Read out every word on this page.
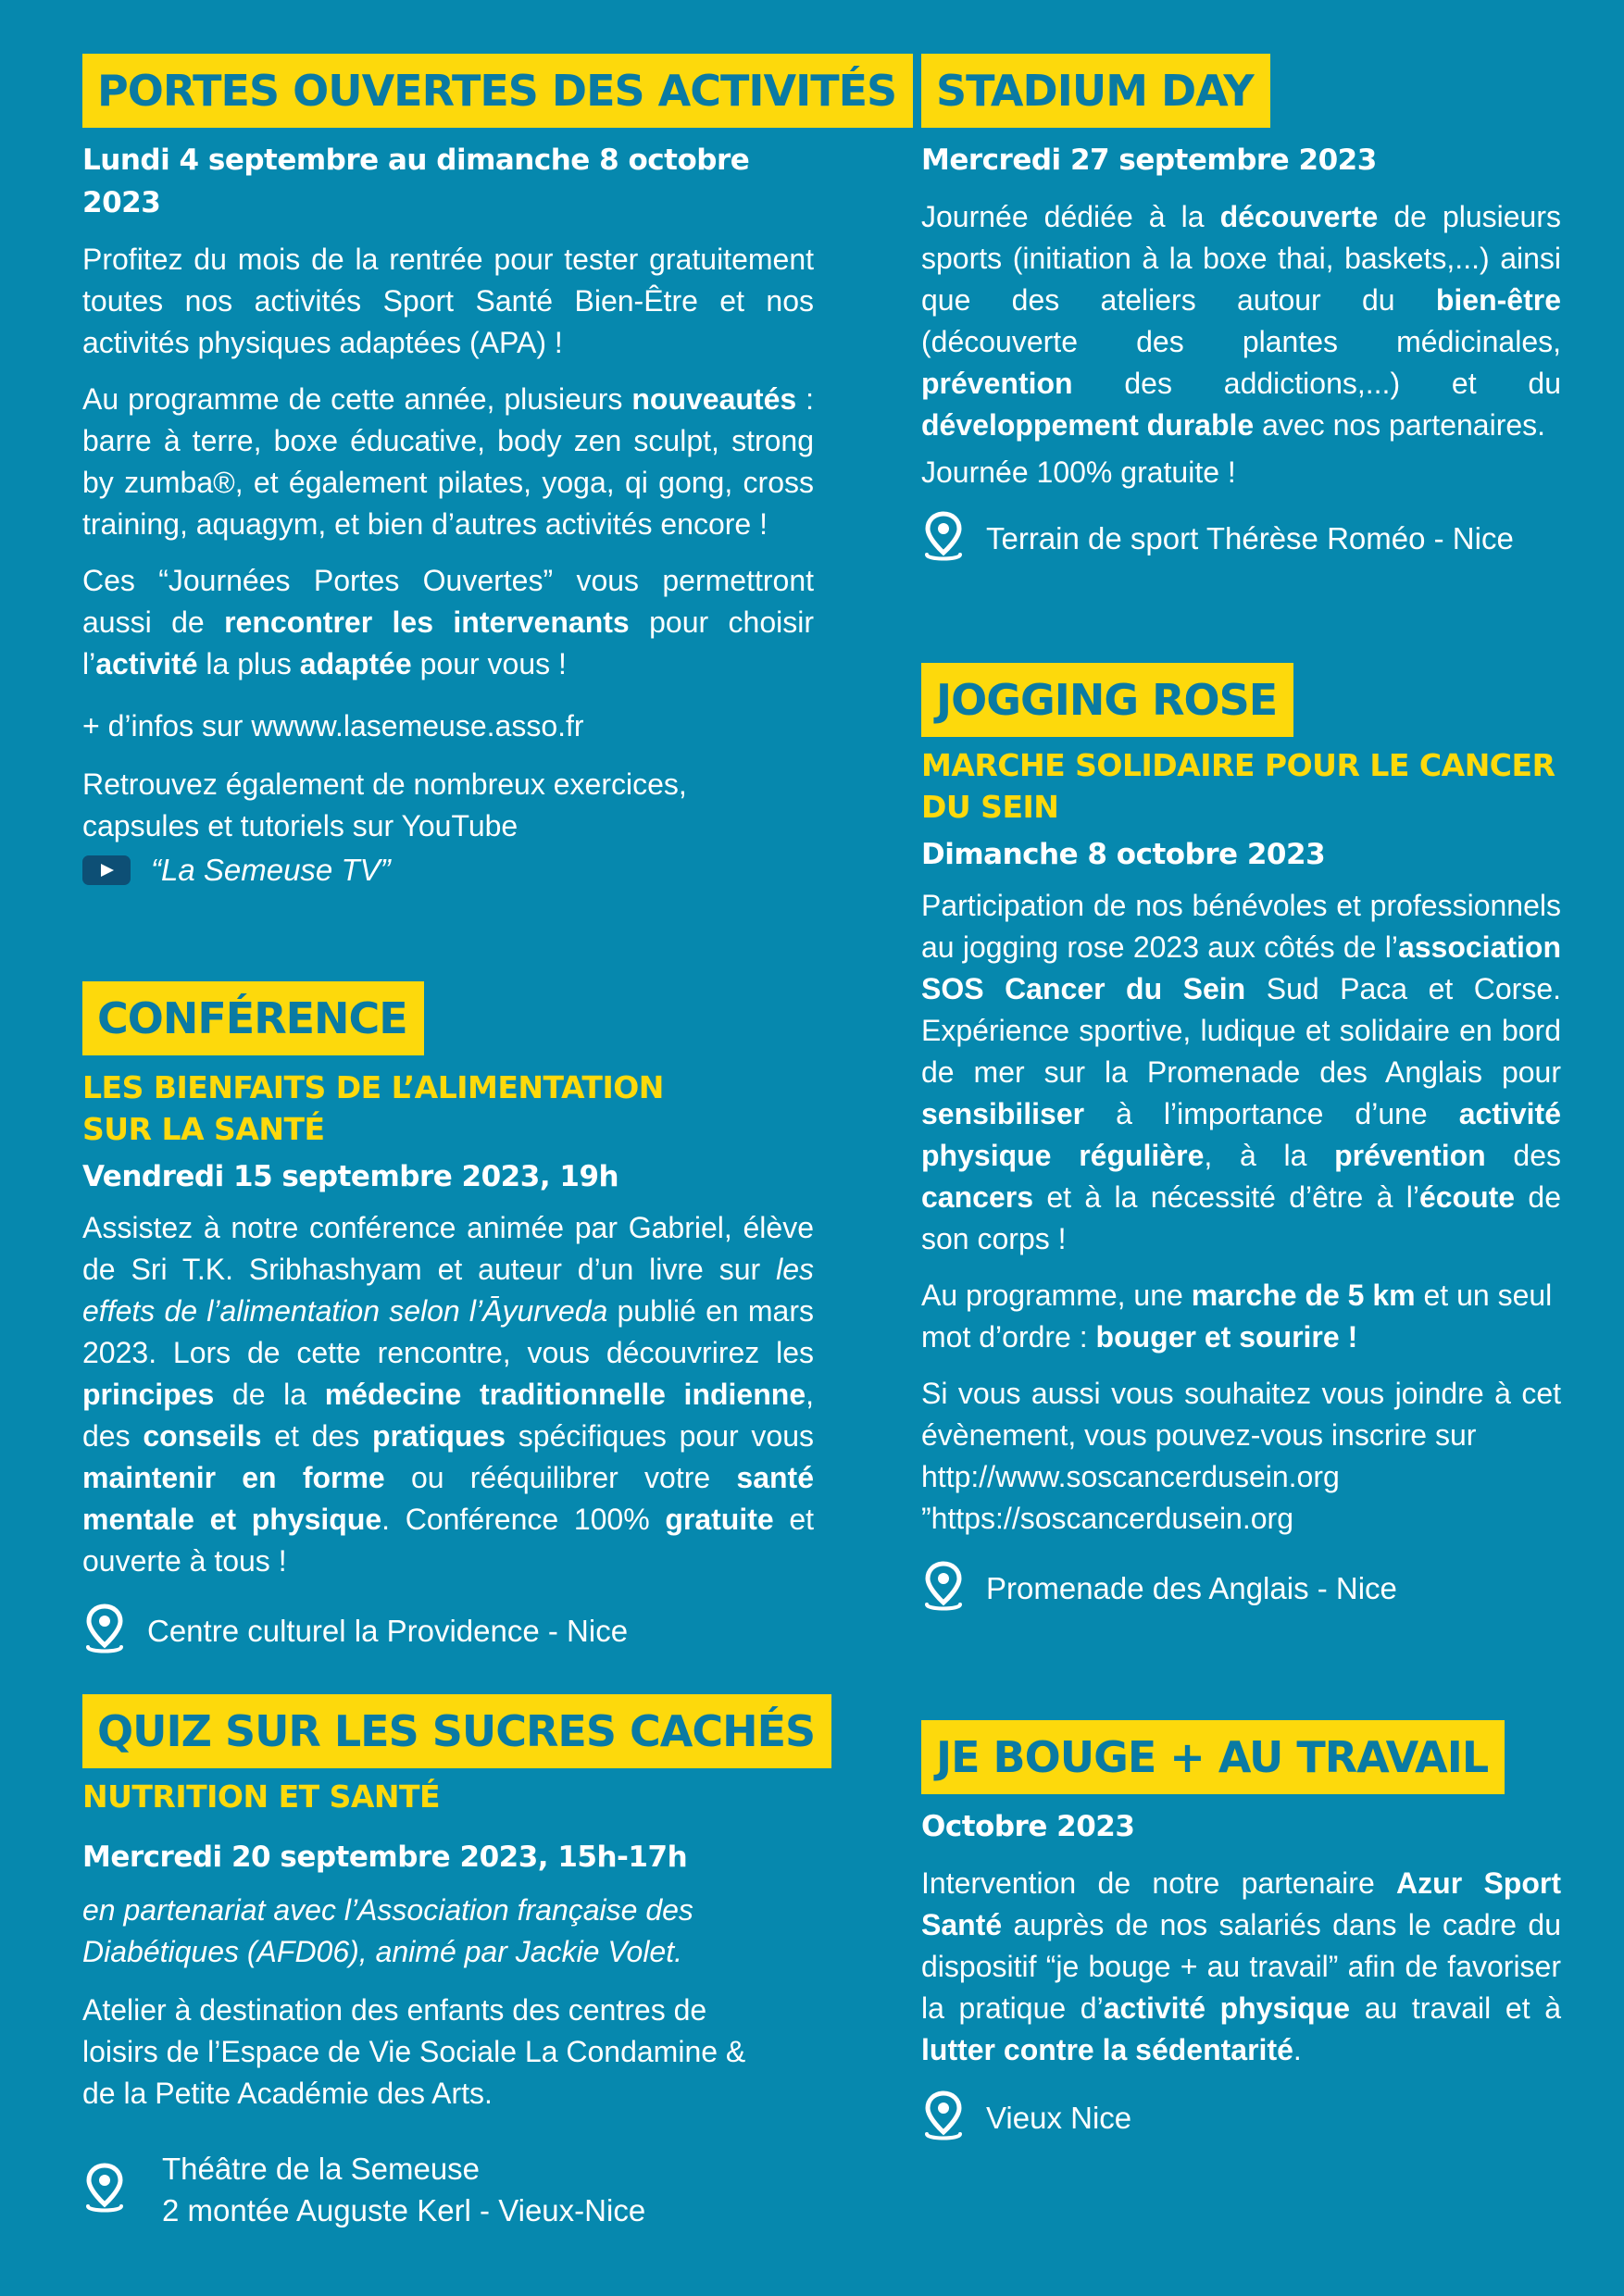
PORTES OUVERTES DES ACTIVITÉS
Lundi 4 septembre au dimanche 8 octobre 2023

Profitez du mois de la rentrée pour tester gratuitement toutes nos activités Sport Santé Bien-Être et nos activités physiques adaptées (APA) !

Au programme de cette année, plusieurs nouveautés : barre à terre, boxe éducative, body zen sculpt, strong by zumba®, et également pilates, yoga, qi gong, cross training, aquagym, et bien d’autres activités encore !

Ces “Journées Portes Ouvertes” vous permettront aussi de rencontrer les intervenants pour choisir l’activité la plus adaptée pour vous !

+ d’infos sur wwww.lasemeuse.asso.fr

Retrouvez également de nombreux exercices, capsules et tutoriels sur YouTube

“La Semeuse TV”
CONFÉRENCE
LES BIENFAITS DE L’ALIMENTATION
SUR LA SANTÉ
Vendredi 15 septembre 2023, 19h

Assistez à notre conférence animée par Gabriel, élève de Sri T.K. Sribhashyam et auteur d’un livre sur les effets de l’alimentation selon l’Āyurveda publié en mars 2023. Lors de cette rencontre, vous découvrirez les principes de la médecine traditionnelle indienne, des conseils et des pratiques spécifiques pour vous maintenir en forme ou rééquilibrer votre santé mentale et physique. Conférence 100% gratuite et ouverte à tous !

Centre culturel la Providence - Nice
QUIZ SUR LES SUCRES CACHÉS
NUTRITION ET SANTÉ
Mercredi 20 septembre 2023, 15h-17h

en partenariat avec l’Association française des Diabétiques (AFD06), animé par Jackie Volet.

Atelier à destination des enfants des centres de loisirs de l’Espace de Vie Sociale La Condamine & de la Petite Académie des Arts.

Théâtre de la Semeuse
2 montée Auguste Kerl - Vieux-Nice
STADIUM DAY
Mercredi 27 septembre 2023

Journée dédiée à la découverte de plusieurs sports (initiation à la boxe thai, baskets,...) ainsi que des ateliers autour du bien-être (découverte des plantes médicinales, prévention des addictions,...) et du développement durable avec nos partenaires.

Journée 100% gratuite !

Terrain de sport Thérèse Roméo - Nice
JOGGING ROSE
MARCHE SOLIDAIRE POUR LE CANCER
DU SEIN
Dimanche 8 octobre 2023

Participation de nos bénévoles et professionnels au jogging rose 2023 aux côtés de l’association SOS Cancer du Sein Sud Paca et Corse. Expérience sportive, ludique et solidaire en bord de mer sur la Promenade des Anglais pour sensibiliser à l’importance d’une activité physique régulière, à la prévention des cancers et à la nécessité d’être à l’écoute de son corps !

Au programme, une marche de 5 km et un seul mot d’ordre : bouger et sourire !

Si vous aussi vous souhaitez vous joindre à cet évènement, vous pouvez-vous inscrire sur

http://www.soscancerdusein.org

”https://soscancerdusein.org

Promenade des Anglais - Nice
JE BOUGE + AU TRAVAIL
Octobre 2023

Intervention de notre partenaire Azur Sport Santé auprès de nos salariés dans le cadre du dispositif “je bouge + au travail” afin de favoriser la pratique d’activité physique au travail et à lutter contre la sédentarité.

Vieux Nice
